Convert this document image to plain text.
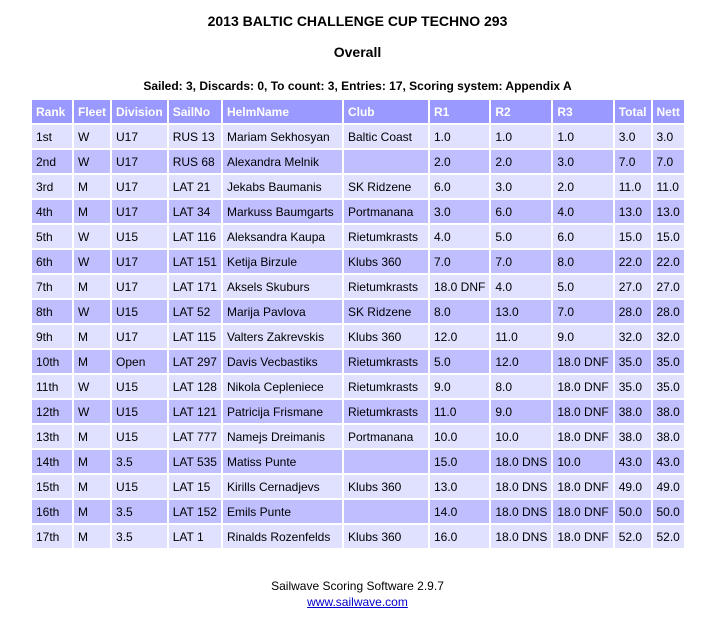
2013 BALTIC CHALLENGE CUP TECHNO 293
Overall
Sailed: 3, Discards: 0, To count: 3, Entries: 17, Scoring system: Appendix A
Rank	Fleet	Division	SailNo	HelmName	Club	R1	R2	R3	Total	Nett
1st	W	U17	RUS 13	Mariam Sekhosyan	Baltic Coast	1.0	1.0	1.0	3.0	3.0
2nd	W	U17	RUS 68	Alexandra Melnik		2.0	2.0	3.0	7.0	7.0
3rd	M	U17	LAT 21	Jekabs Baumanis	SK Ridzene	6.0	3.0	2.0	11.0	11.0
4th	M	U17	LAT 34	Markuss Baumgarts	Portmanana	3.0	6.0	4.0	13.0	13.0
5th	W	U15	LAT 116	Aleksandra Kaupa	Rietumkrasts	4.0	5.0	6.0	15.0	15.0
6th	W	U17	LAT 151	Ketija Birzule	Klubs 360	7.0	7.0	8.0	22.0	22.0
7th	M	U17	LAT 171	Aksels Skuburs	Rietumkrasts	18.0 DNF	4.0	5.0	27.0	27.0
8th	W	U15	LAT 52	Marija Pavlova	SK Ridzene	8.0	13.0	7.0	28.0	28.0
9th	M	U17	LAT 115	Valters Zakrevskis	Klubs 360	12.0	11.0	9.0	32.0	32.0
10th	M	Open	LAT 297	Davis Vecbastiks	Rietumkrasts	5.0	12.0	18.0 DNF	35.0	35.0
11th	W	U15	LAT 128	Nikola Cepleniece	Rietumkrasts	9.0	8.0	18.0 DNF	35.0	35.0
12th	W	U15	LAT 121	Patricija Frismane	Rietumkrasts	11.0	9.0	18.0 DNF	38.0	38.0
13th	M	U15	LAT 777	Namejs Dreimanis	Portmanana	10.0	10.0	18.0 DNF	38.0	38.0
14th	M	3.5	LAT 535	Matiss Punte		15.0	18.0 DNS	10.0	43.0	43.0
15th	M	U15	LAT 15	Kirills Cernadjevs	Klubs 360	13.0	18.0 DNS	18.0 DNF	49.0	49.0
16th	M	3.5	LAT 152	Emils Punte		14.0	18.0 DNS	18.0 DNF	50.0	50.0
17th	M	3.5	LAT 1	Rinalds Rozenfelds	Klubs 360	16.0	18.0 DNS	18.0 DNF	52.0	52.0
Sailwave Scoring Software 2.9.7
www.sailwave.com
